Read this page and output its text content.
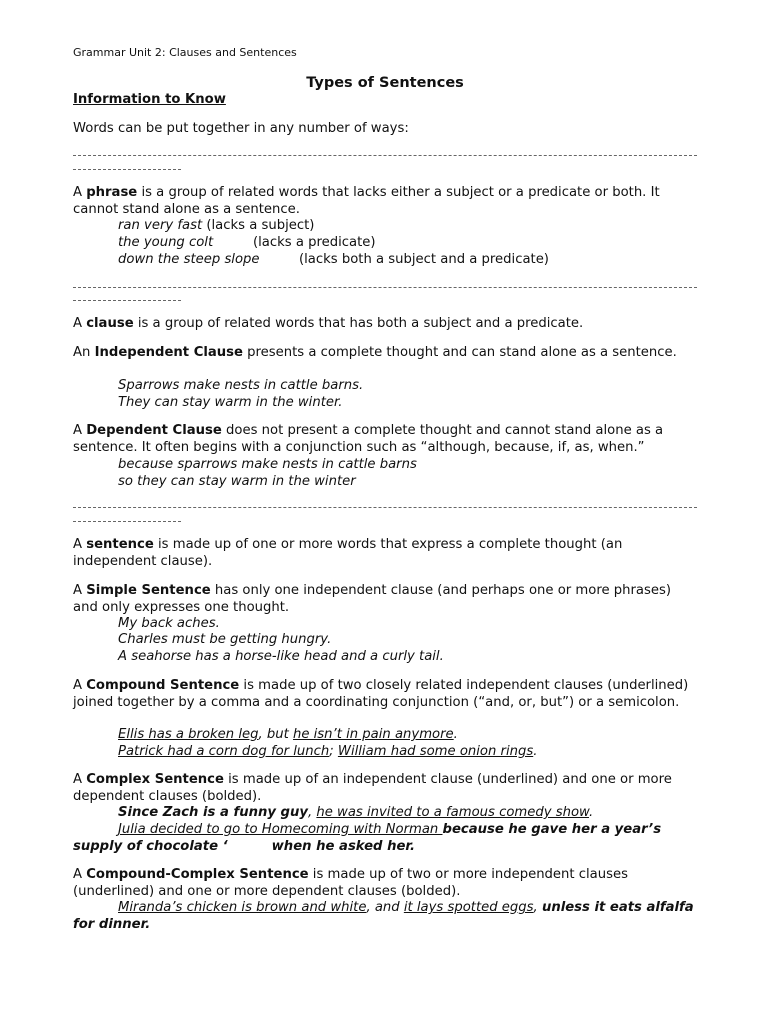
Grammar Unit 2: Clauses and Sentences
Types of Sentences
Information to Know
Words can be put together in any number of ways:
A phrase is a group of related words that lacks either a subject or a predicate or both. It cannot stand alone as a sentence.
ran very fast (lacks a subject)
the young colt	(lacks a predicate)
down the steep slope	(lacks both a subject and a predicate)
A clause is a group of related words that has both a subject and a predicate.
An Independent Clause presents a complete thought and can stand alone as a sentence.
Sparrows make nests in cattle barns.
They can stay warm in the winter.
A Dependent Clause does not present a complete thought and cannot stand alone as a sentence. It often begins with a conjunction such as “although, because, if, as, when.”
because sparrows make nests in cattle barns
so they can stay warm in the winter
A sentence is made up of one or more words that express a complete thought (an independent clause).
A Simple Sentence has only one independent clause (and perhaps one or more phrases) and only expresses one thought.
My back aches.
Charles must be getting hungry.
A seahorse has a horse-like head and a curly tail.
A Compound Sentence is made up of two closely related independent clauses (underlined) joined together by a comma and a coordinating conjunction (“and, or, but”) or a semicolon.
Ellis has a broken leg, but he isn’t in pain anymore.
Patrick had a corn dog for lunch; William had some onion rings.
A Complex Sentence is made up of an independent clause (underlined) and one or more dependent clauses (bolded).
Since Zach is a funny guy, he was invited to a famous comedy show.
Julia decided to go to Homecoming with Norman because he gave her a year’s supply of chocolate ‘	when he asked her.
A Compound-Complex Sentence is made up of two or more independent clauses (underlined) and one or more dependent clauses (bolded).
Miranda’s chicken is brown and white, and it lays spotted eggs, unless it eats alfalfa for dinner.
